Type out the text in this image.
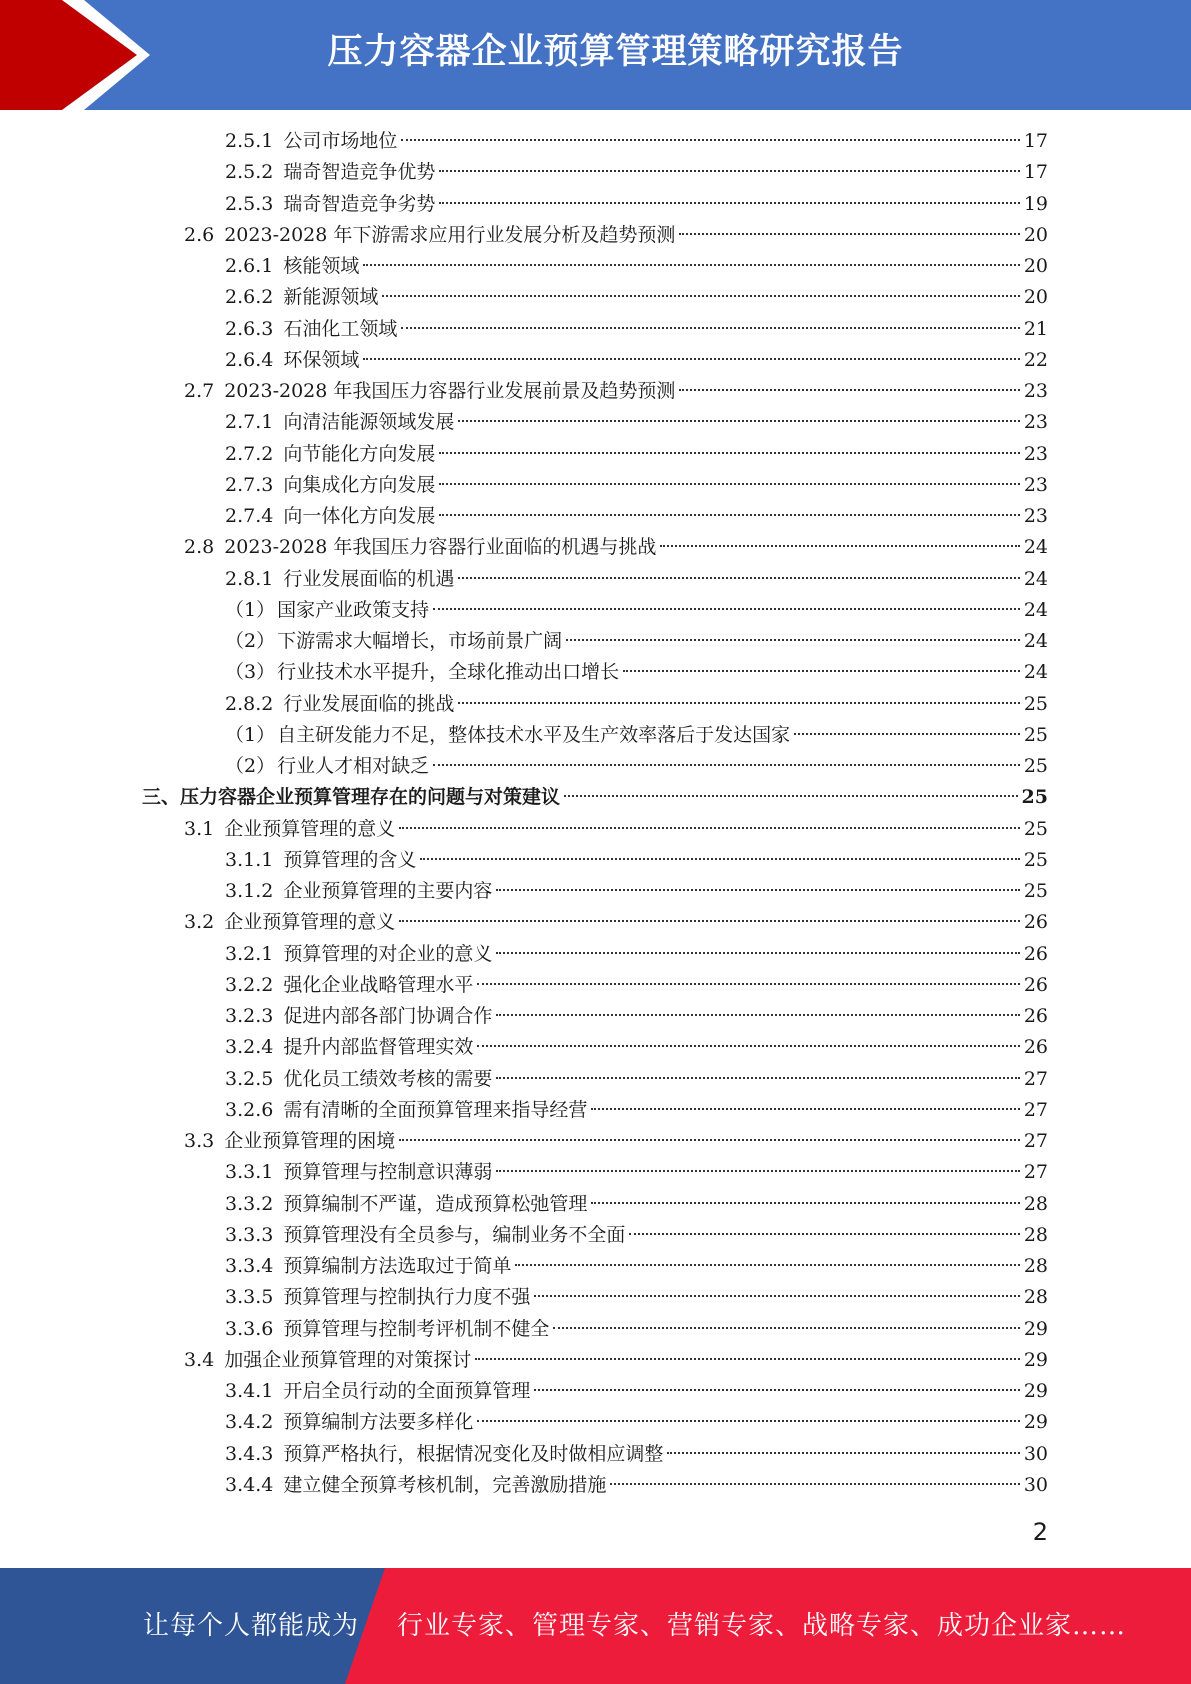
压力容器企业预算管理策略研究报告
2.5.1 公司市场地位	17
2.5.2 瑞奇智造竞争优势	17
2.5.3 瑞奇智造竞争劣势	19
2.6 2023-2028 年下游需求应用行业发展分析及趋势预测	20
2.6.1 核能领域	20
2.6.2 新能源领域	20
2.6.3 石油化工领域	21
2.6.4 环保领域	22
2.7 2023-2028 年我国压力容器行业发展前景及趋势预测	23
2.7.1 向清洁能源领域发展	23
2.7.2 向节能化方向发展	23
2.7.3 向集成化方向发展	23
2.7.4 向一体化方向发展	23
2.8 2023-2028 年我国压力容器行业面临的机遇与挑战	24
2.8.1 行业发展面临的机遇	24
（1） 国家产业政策支持	24
（2） 下游需求大幅增长，市场前景广阔	24
（3） 行业技术水平提升，全球化推动出口增长	24
2.8.2 行业发展面临的挑战	25
（1） 自主研发能力不足，整体技术水平及生产效率落后于发达国家	25
（2） 行业人才相对缺乏	25
三、 压力容器企业预算管理存在的问题与对策建议	25
3.1 企业预算管理的意义	25
3.1.1 预算管理的含义	25
3.1.2 企业预算管理的主要内容	25
3.2 企业预算管理的意义	26
3.2.1 预算管理的对企业的意义	26
3.2.2 强化企业战略管理水平	26
3.2.3 促进内部各部门协调合作	26
3.2.4 提升内部监督管理实效	26
3.2.5 优化员工绩效考核的需要	27
3.2.6 需有清晰的全面预算管理来指导经营	27
3.3 企业预算管理的困境	27
3.3.1 预算管理与控制意识薄弱	27
3.3.2 预算编制不严谨，造成预算松弛管理	28
3.3.3 预算管理没有全员参与，编制业务不全面	28
3.3.4 预算编制方法选取过于简单	28
3.3.5 预算管理与控制执行力度不强	28
3.3.6 预算管理与控制考评机制不健全	29
3.4 加强企业预算管理的对策探讨	29
3.4.1 开启全员行动的全面预算管理	29
3.4.2 预算编制方法要多样化	29
3.4.3 预算严格执行，根据情况变化及时做相应调整	30
3.4.4 建立健全预算考核机制，完善激励措施	30
2
让每个人都能成为 行业专家、管理专家、营销专家、战略专家、成功企业家……
